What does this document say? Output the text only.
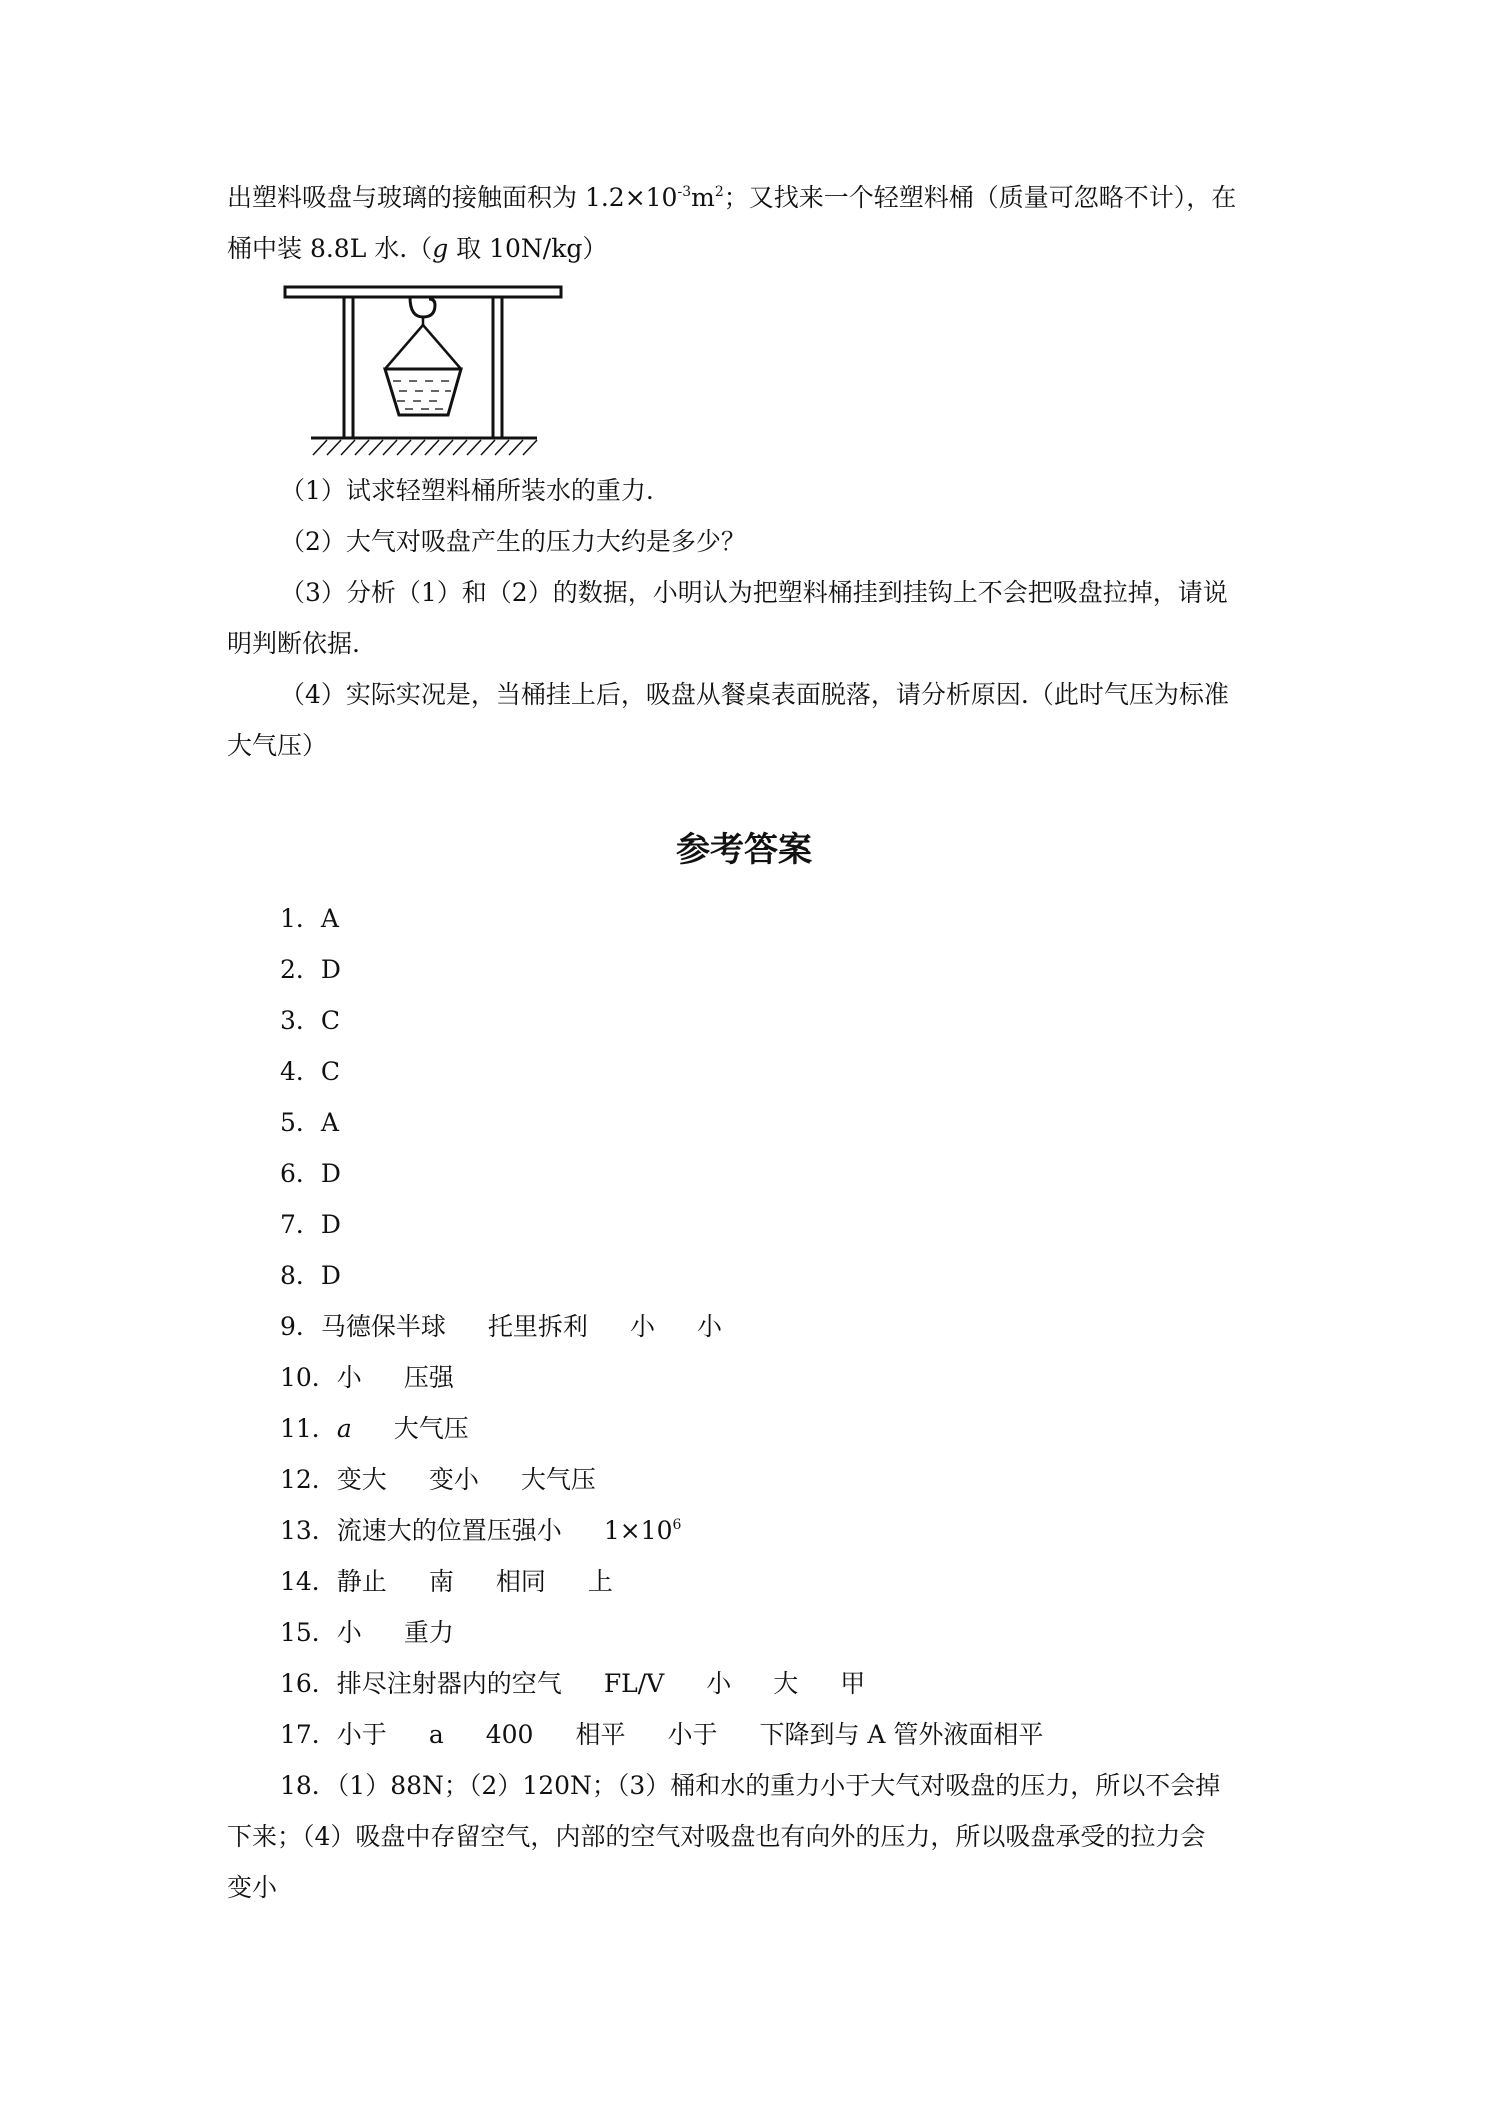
出塑料吸盘与玻璃的接触面积为 $1.2\times 10^{-3}m^2$；又找来一个轻塑料桶（质量可忽略不计），在
桶中装 8.8L 水.（g 取 10N/kg）
（1）试求轻塑料桶所装水的重力.
（2）大气对吸盘产生的压力大约是多少？
（3）分析（1）和（2）的数据，小明认为把塑料桶挂到挂钩上不会把吸盘拉掉，请说
明判断依据.
（4）实际实况是，当桶挂上后，吸盘从餐桌表面脱落，请分析原因.（此时气压为标准
大气压）
参考答案
1．A
2．D
3．C
4．C
5．A
6．D
7．D
8．D
9．马德保半球 托里拆利 小 小
10．小 压强
11．a 大气压
12．变大 变小 大气压
13．流速大的位置压强小 $1\times 10^6$
14．静止 南 相同 上
15．小 重力
16．排尽注射器内的空气 FL/V 小 大 甲
17．小于 a 400 相平 小于 下降到与 A 管外液面相平
18．（1）88N；（2）120N；（3）桶和水的重力小于大气对吸盘的压力，所以不会掉
下来；（4）吸盘中存留空气，内部的空气对吸盘也有向外的压力，所以吸盘承受的拉力会
变小
